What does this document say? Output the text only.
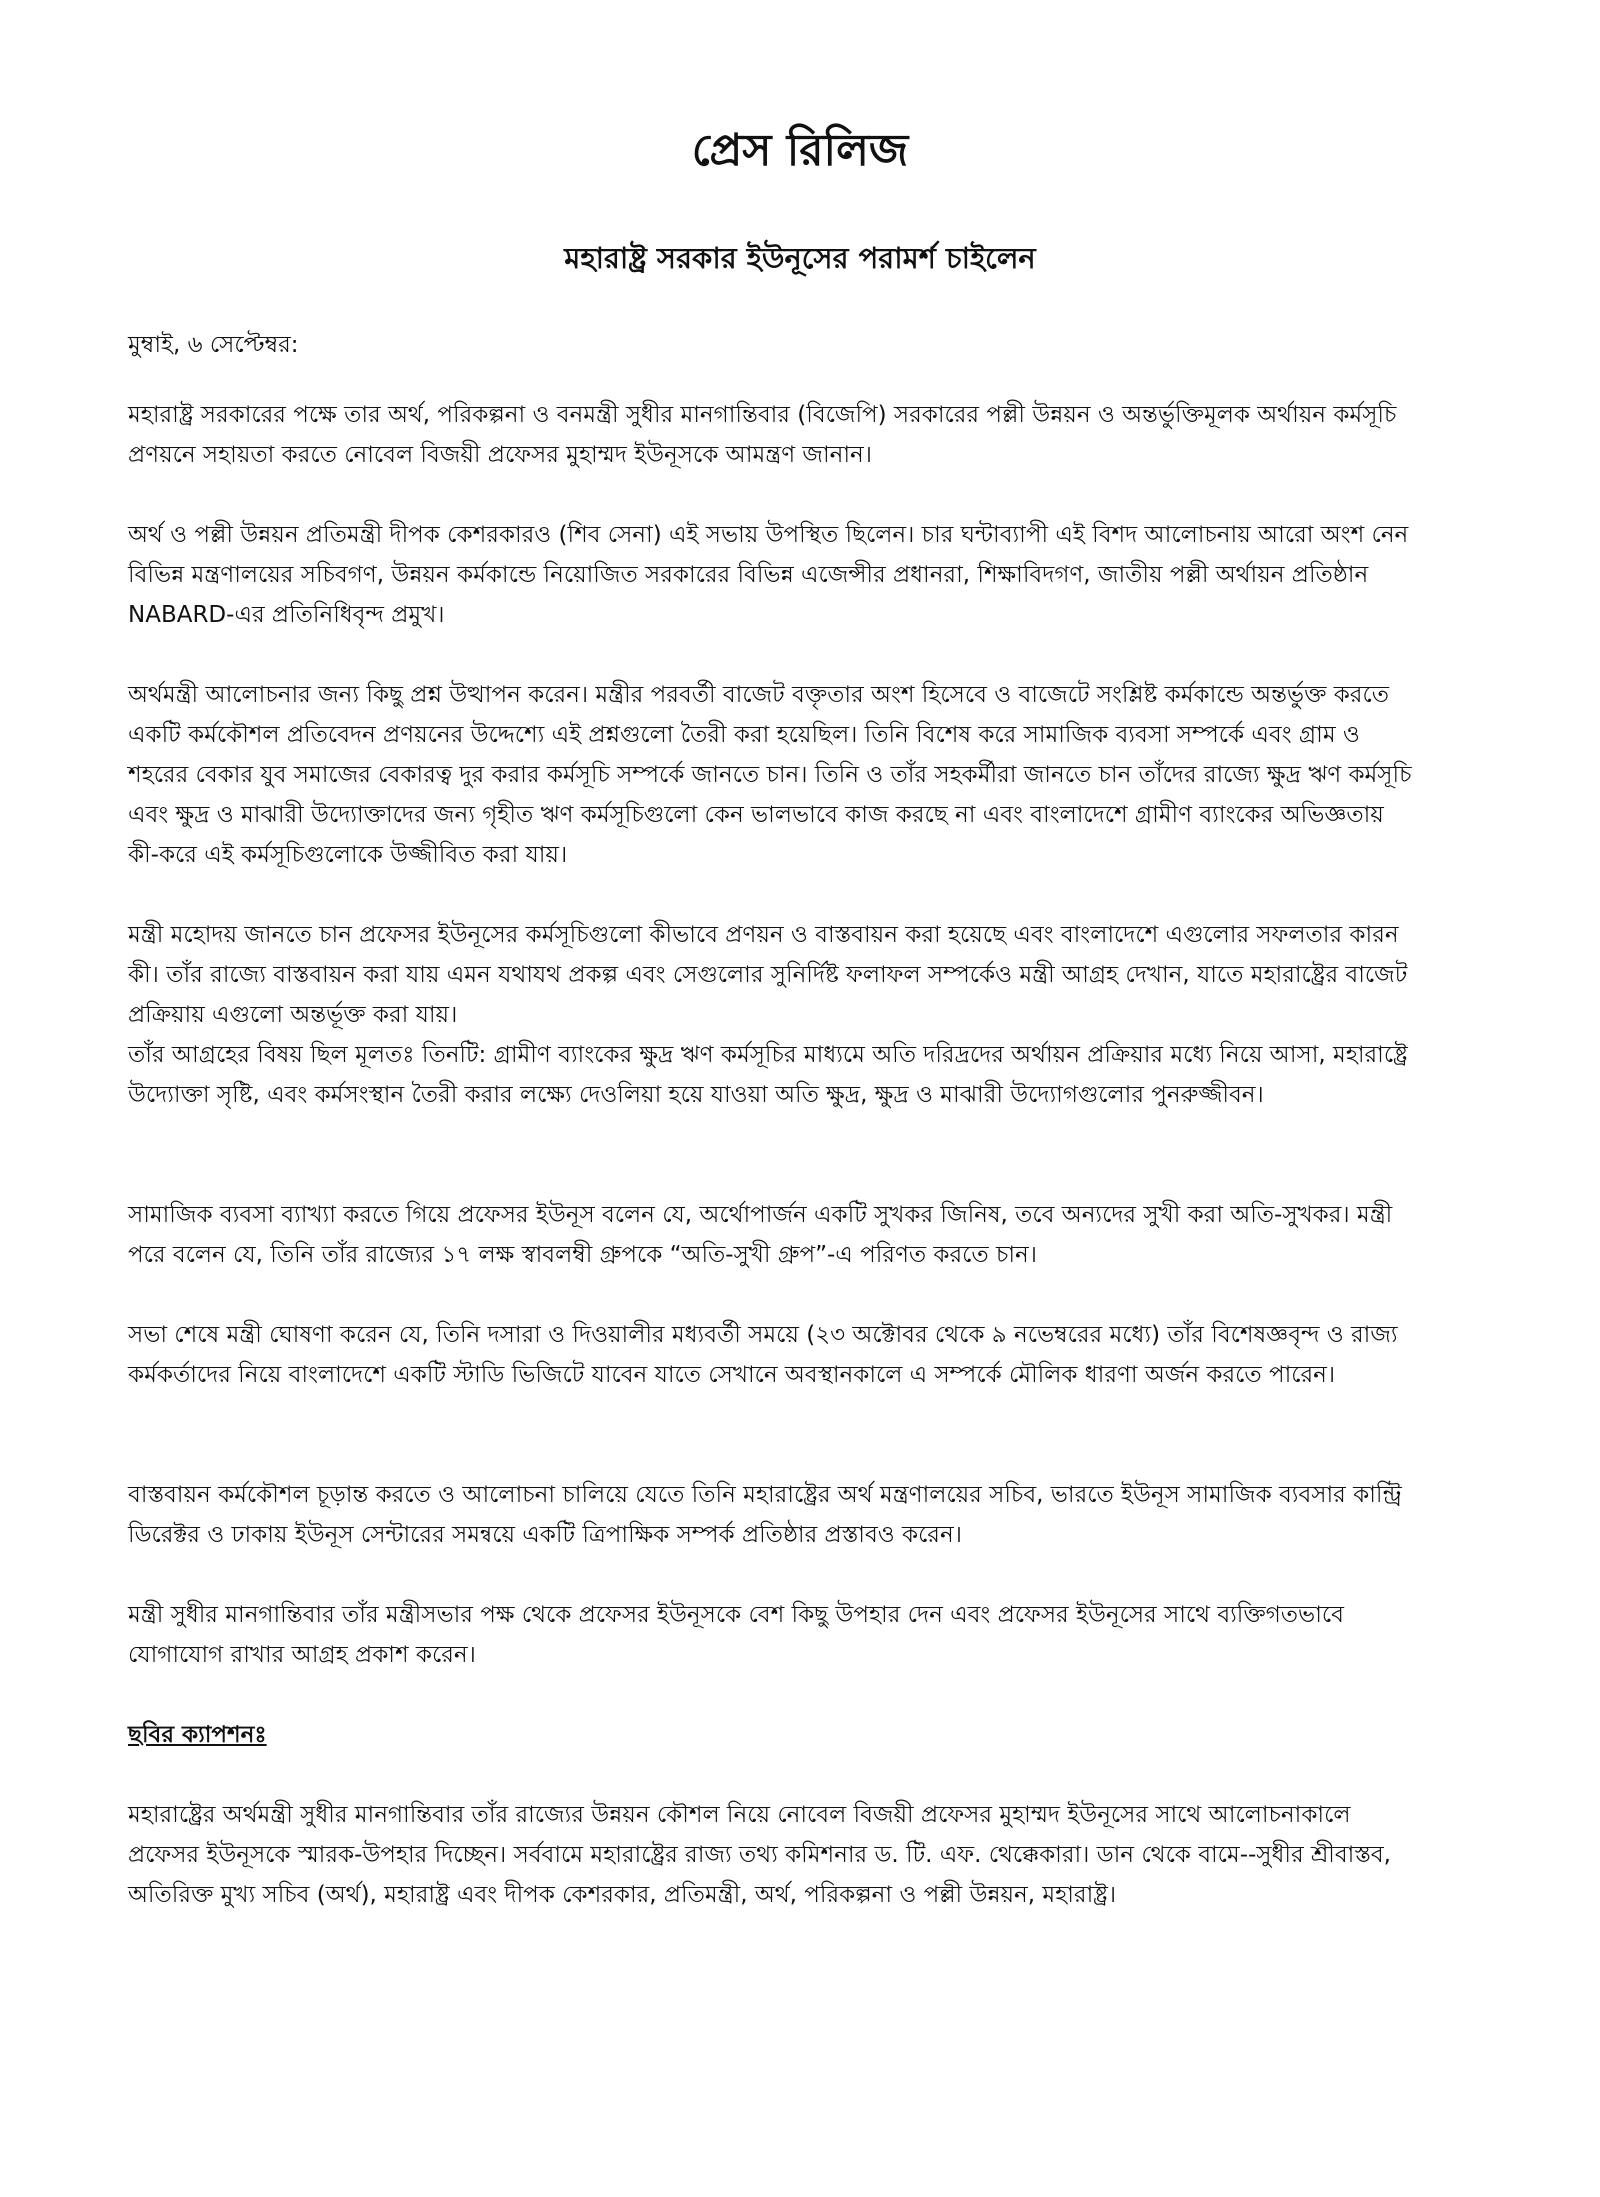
প্রেস রিলিজ
মহারাষ্ট্র সরকার ইউনূসের পরামর্শ চাইলেন

মুম্বাই, ৬ সেপ্টেম্বর:

মহারাষ্ট্র সরকারের পক্ষে তার অর্থ, পরিকল্পনা ও বনমন্ত্রী সুধীর মানগান্তিবার (বিজেপি) সরকারের পল্লী উন্নয়ন ও অন্তর্ভুক্তিমূলক অর্থায়ন কর্মসূচি প্রণয়নে সহায়তা করতে নোবেল বিজয়ী প্রফেসর মুহাম্মদ ইউনূসকে আমন্ত্রণ জানান।

অর্থ ও পল্লী উন্নয়ন প্রতিমন্ত্রী দীপক কেশরকারও (শিব সেনা) এই সভায় উপস্থিত ছিলেন। চার ঘন্টাব্যাপী এই বিশদ আলোচনায় আরো অংশ নেন বিভিন্ন মন্ত্রণালয়ের সচিবগণ, উন্নয়ন কর্মকান্ডে নিয়োজিত সরকারের বিভিন্ন এজেন্সীর প্রধানরা, শিক্ষাবিদগণ, জাতীয় পল্লী অর্থায়ন প্রতিষ্ঠান NABARD-এর প্রতিনিধিবৃন্দ প্রমুখ।

অর্থমন্ত্রী আলোচনার জন্য কিছু প্রশ্ন উত্থাপন করেন। মন্ত্রীর পরবর্তী বাজেট বক্তৃতার অংশ হিসেবে ও বাজেটে সংশ্লিষ্ট কর্মকান্ডে অন্তর্ভুক্ত করতে একটি কর্মকৌশল প্রতিবেদন প্রণয়নের উদ্দেশ্যে এই প্রশ্নগুলো তৈরী করা হয়েছিল। তিনি বিশেষ করে সামাজিক ব্যবসা সম্পর্কে এবং গ্রাম ও শহরের বেকার যুব সমাজের বেকারত্ব দুর করার কর্মসূচি সম্পর্কে জানতে চান। তিনি ও তাঁর সহকর্মীরা জানতে চান তাঁদের রাজ্যে ক্ষুদ্র ঋণ কর্মসূচি এবং ক্ষুদ্র ও মাঝারী উদ্যোক্তাদের জন্য গৃহীত ঋণ কর্মসূচিগুলো কেন ভালভাবে কাজ করছে না এবং বাংলাদেশে গ্রামীণ ব্যাংকের অভিজ্ঞতায় কী-করে এই কর্মসূচিগুলোকে উজ্জীবিত করা যায়।

মন্ত্রী মহোদয় জানতে চান প্রফেসর ইউনূসের কর্মসূচিগুলো কীভাবে প্রণয়ন ও বাস্তবায়ন করা হয়েছে এবং বাংলাদেশে এগুলোর সফলতার কারন কী। তাঁর রাজ্যে বাস্তবায়ন করা যায় এমন যথাযথ প্রকল্প এবং সেগুলোর সুনির্দিষ্ট ফলাফল সম্পর্কেও মন্ত্রী আগ্রহ দেখান, যাতে মহারাষ্ট্রের বাজেট প্রক্রিয়ায় এগুলো অন্তর্ভূক্ত করা যায়।

তাঁর আগ্রহের বিষয় ছিল মূলতঃ তিনটি: গ্রামীণ ব্যাংকের ক্ষুদ্র ঋণ কর্মসূচির মাধ্যমে অতি দরিদ্রদের অর্থায়ন প্রক্রিয়ার মধ্যে নিয়ে আসা, মহারাষ্ট্রে উদ্যোক্তা সৃষ্টি, এবং কর্মসংস্থান তৈরী করার লক্ষ্যে দেওলিয়া হয়ে যাওয়া অতি ক্ষুদ্র, ক্ষুদ্র ও মাঝারী উদ্যোগগুলোর পুনরুজ্জীবন।

সামাজিক ব্যবসা ব্যাখ্যা করতে গিয়ে প্রফেসর ইউনূস বলেন যে, অর্থোপার্জন একটি সুখকর জিনিষ, তবে অন্যদের সুখী করা অতি-সুখকর। মন্ত্রী পরে বলেন যে, তিনি তাঁর রাজ্যের ১৭ লক্ষ স্বাবলম্বী গ্রুপকে “অতি-সুখী গ্রুপ”-এ পরিণত করতে চান।

সভা শেষে মন্ত্রী ঘোষণা করেন যে, তিনি দসারা ও দিওয়ালীর মধ্যবর্তী সময়ে (২৩ অক্টোবর থেকে ৯ নভেম্বরের মধ্যে) তাঁর বিশেষজ্ঞবৃন্দ ও রাজ্য কর্মকর্তাদের নিয়ে বাংলাদেশে একটি স্টাডি ভিজিটে যাবেন যাতে সেখানে অবস্থানকালে এ সম্পর্কে মৌলিক ধারণা অর্জন করতে পারেন।

বাস্তবায়ন কর্মকৌশল চূড়ান্ত করতে ও আলোচনা চালিয়ে যেতে তিনি মহারাষ্ট্রের অর্থ মন্ত্রণালয়ের সচিব, ভারতে ইউনূস সামাজিক ব্যবসার কান্ট্রি ডিরেক্টর ও ঢাকায় ইউনূস সেন্টারের সমন্বয়ে একটি ত্রিপাক্ষিক সম্পর্ক প্রতিষ্ঠার প্রস্তাবও করেন।

মন্ত্রী সুধীর মানগান্তিবার তাঁর মন্ত্রীসভার পক্ষ থেকে প্রফেসর ইউনূসকে বেশ কিছু উপহার দেন এবং প্রফেসর ইউনূসের সাথে ব্যক্তিগতভাবে যোগাযোগ রাখার আগ্রহ প্রকাশ করেন।

ছবির ক্যাপশনঃ

মহারাষ্ট্রের অর্থমন্ত্রী সুধীর মানগান্তিবার তাঁর রাজ্যের উন্নয়ন কৌশল নিয়ে নোবেল বিজয়ী প্রফেসর মুহাম্মদ ইউনূসের সাথে আলোচনাকালে প্রফেসর ইউনূসকে স্মারক-উপহার দিচ্ছেন। সর্ববামে মহারাষ্ট্রের রাজ্য তথ্য কমিশনার ড. টি. এফ. থেক্কেকারা। ডান থেকে বামে--সুধীর শ্রীবাস্তব, অতিরিক্ত মুখ্য সচিব (অর্থ), মহারাষ্ট্র এবং দীপক কেশরকার, প্রতিমন্ত্রী, অর্থ, পরিকল্পনা ও পল্লী উন্নয়ন, মহারাষ্ট্র।
